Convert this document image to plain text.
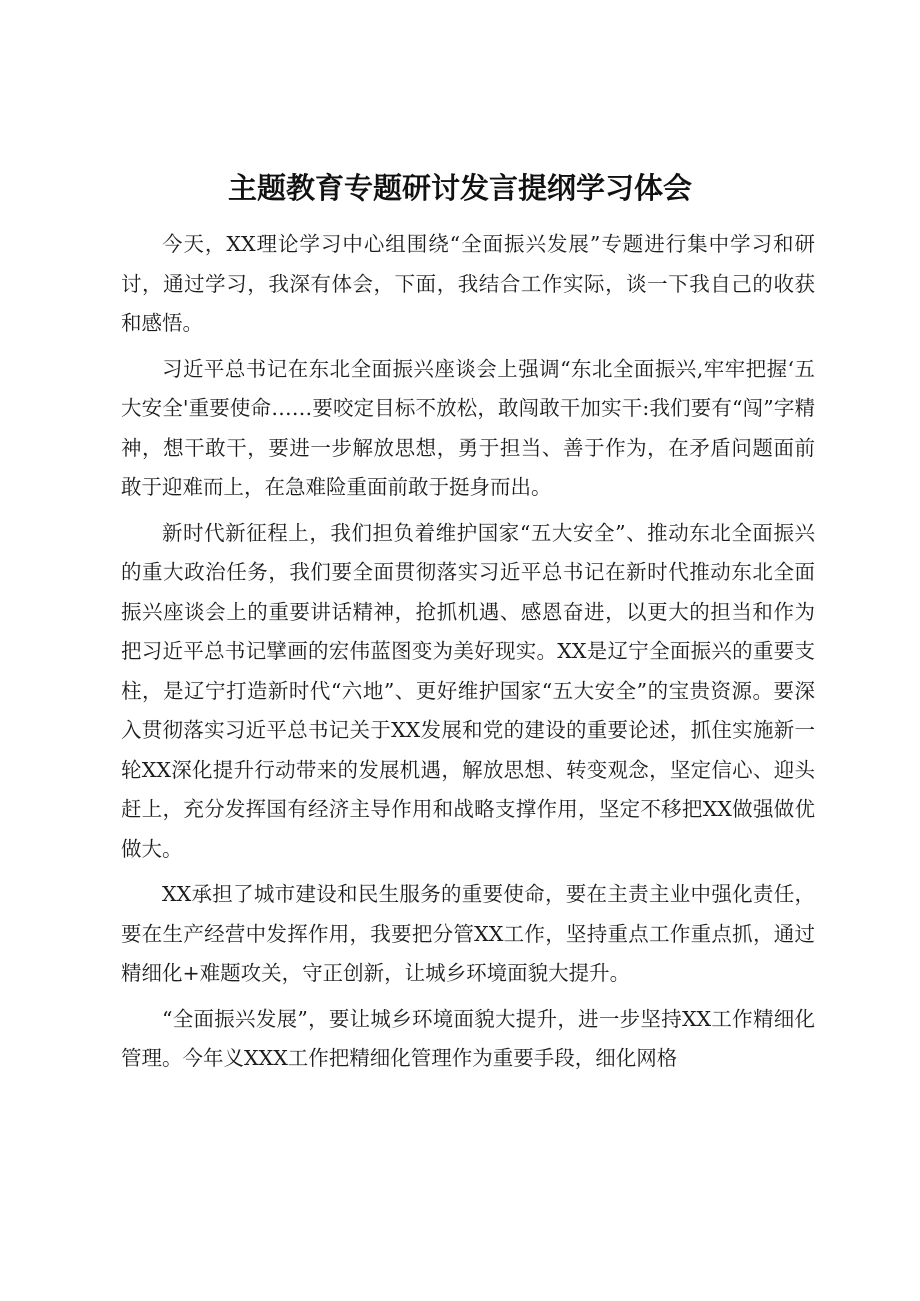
主题教育专题研讨发言提纲学习体会

今天，XX理论学习中心组围绕“全面振兴发展”专题进行集中学习和研讨，通过学习，我深有体会，下面，我结合工作实际，谈一下我自己的收获和感悟。

习近平总书记在东北全面振兴座谈会上强调“东北全面振兴,牢牢把握‘五大安全'重要使命……要咬定目标不放松，敢闯敢干加实干:我们要有“闯”字精神，想干敢干，要进一步解放思想，勇于担当、善于作为，在矛盾问题面前敢于迎难而上，在急难险重面前敢于挺身而出。

新时代新征程上，我们担负着维护国家“五大安全”、推动东北全面振兴的重大政治任务，我们要全面贯彻落实习近平总书记在新时代推动东北全面振兴座谈会上的重要讲话精神，抢抓机遇、感恩奋进，以更大的担当和作为把习近平总书记擘画的宏伟蓝图变为美好现实。XX是辽宁全面振兴的重要支柱，是辽宁打造新时代“六地”、更好维护国家“五大安全”的宝贵资源。要深入贯彻落实习近平总书记关于XX发展和党的建设的重要论述，抓住实施新一轮XX深化提升行动带来的发展机遇，解放思想、转变观念，坚定信心、迎头赶上，充分发挥国有经济主导作用和战略支撑作用，坚定不移把XX做强做优做大。

XX承担了城市建设和民生服务的重要使命，要在主责主业中强化责任，要在生产经营中发挥作用，我要把分管XX工作，坚持重点工作重点抓，通过精细化+难题攻关，守正创新，让城乡环境面貌大提升。

“全面振兴发展”，要让城乡环境面貌大提升，进一步坚持XX工作精细化管理。今年义XXX工作把精细化管理作为重要手段，细化网格
